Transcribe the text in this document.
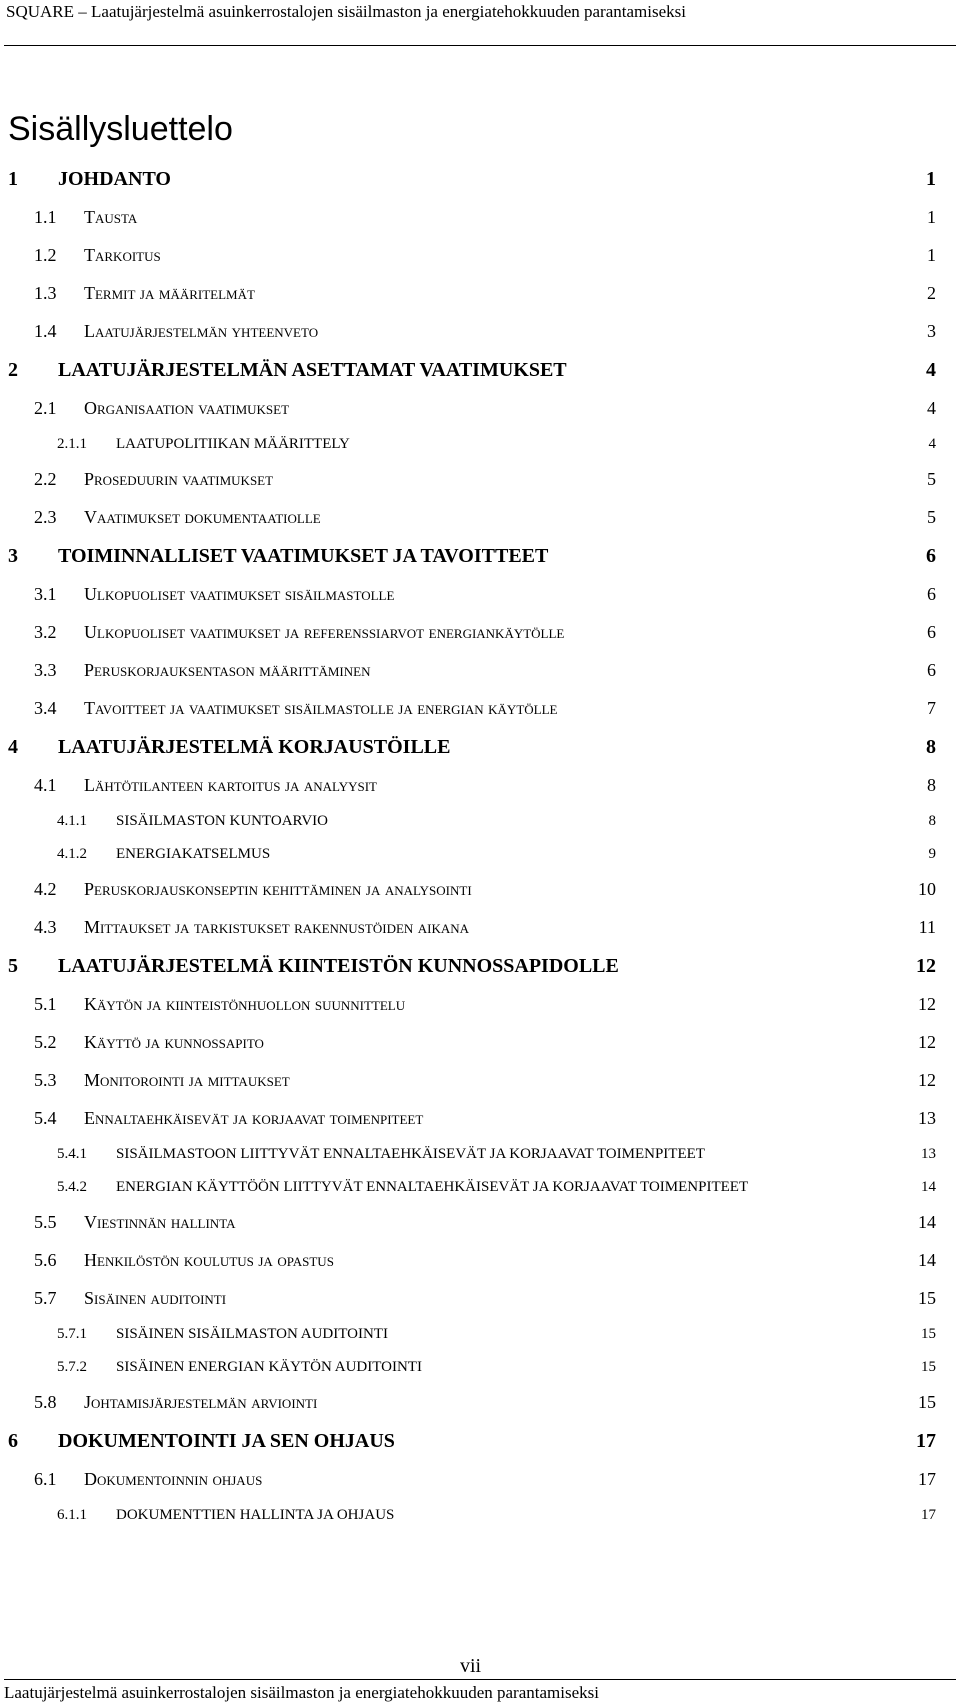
SQUARE – Laatujärjestelmä asuinkerrostalojen sisäilmaston ja energiatehokkuuden parantamiseksi
Sisällysluettelo
1 JOHDANTO	1
1.1 Tausta	1
1.2 Tarkoitus	1
1.3 Termit ja määritelmät	2
1.4 Laatujärjestelmän yhteenveto	3
2 LAATUJÄRJESTELMÄN ASETTAMAT VAATIMUKSET	4
2.1 Organisaation vaatimukset	4
2.1.1 LAATUPOLITIIKAN MÄÄRITTELY	4
2.2 Proseduurin vaatimukset	5
2.3 Vaatimukset dokumentaatiolle	5
3 TOIMINNALLISET VAATIMUKSET JA TAVOITTEET	6
3.1 Ulkopuoliset vaatimukset sisäilmastolle	6
3.2 Ulkopuoliset vaatimukset ja referenssiarvot energiankäytölle	6
3.3 Peruskorjauksentason määrittäminen	6
3.4 Tavoitteet ja vaatimukset sisäilmastolle ja energian käytölle	7
4 LAATUJÄRJESTELMÄ KORJAUSTÖILLE	8
4.1 Lähtötilanteen kartoitus ja analyysit	8
4.1.1 SISÄILMASTON KUNTOARVIO	8
4.1.2 ENERGIAKATSELMUS	9
4.2 Peruskorjauskonseptin kehittäminen ja analysointi	10
4.3 Mittaukset ja tarkistukset rakennustöiden aikana	11
5 LAATUJÄRJESTELMÄ KIINTEISTÖN KUNNOSSAPIDOLLE	12
5.1 Käytön ja kiinteistönhuollon suunnittelu	12
5.2 Käyttö ja kunnossapito	12
5.3 Monitorointi ja mittaukset	12
5.4 Ennaltaehkäisevät ja korjaavat toimenpiteet	13
5.4.1 SISÄILMASTOON LIITTYVÄT ENNALTAEHKÄISEVÄT JA KORJAAVAT TOIMENPITEET	13
5.4.2 ENERGIAN KÄYTTÖÖN LIITTYVÄT ENNALTAEHKÄISEVÄT JA KORJAAVAT TOIMENPITEET	14
5.5 Viestinnän hallinta	14
5.6 Henkilöstön koulutus ja opastus	14
5.7 Sisäinen auditointi	15
5.7.1 SISÄINEN SISÄILMASTON AUDITOINTI	15
5.7.2 SISÄINEN ENERGIAN KÄYTÖN AUDITOINTI	15
5.8 Johtamisjärjestelmän arviointi	15
6 DOKUMENTOINTI JA SEN OHJAUS	17
6.1 Dokumentoinnin ohjaus	17
6.1.1 DOKUMENTTIEN HALLINTA JA OHJAUS	17
vii
Laatujärjestelmä asuinkerrostalojen sisäilmaston ja energiatehokkuuden parantamiseksi
